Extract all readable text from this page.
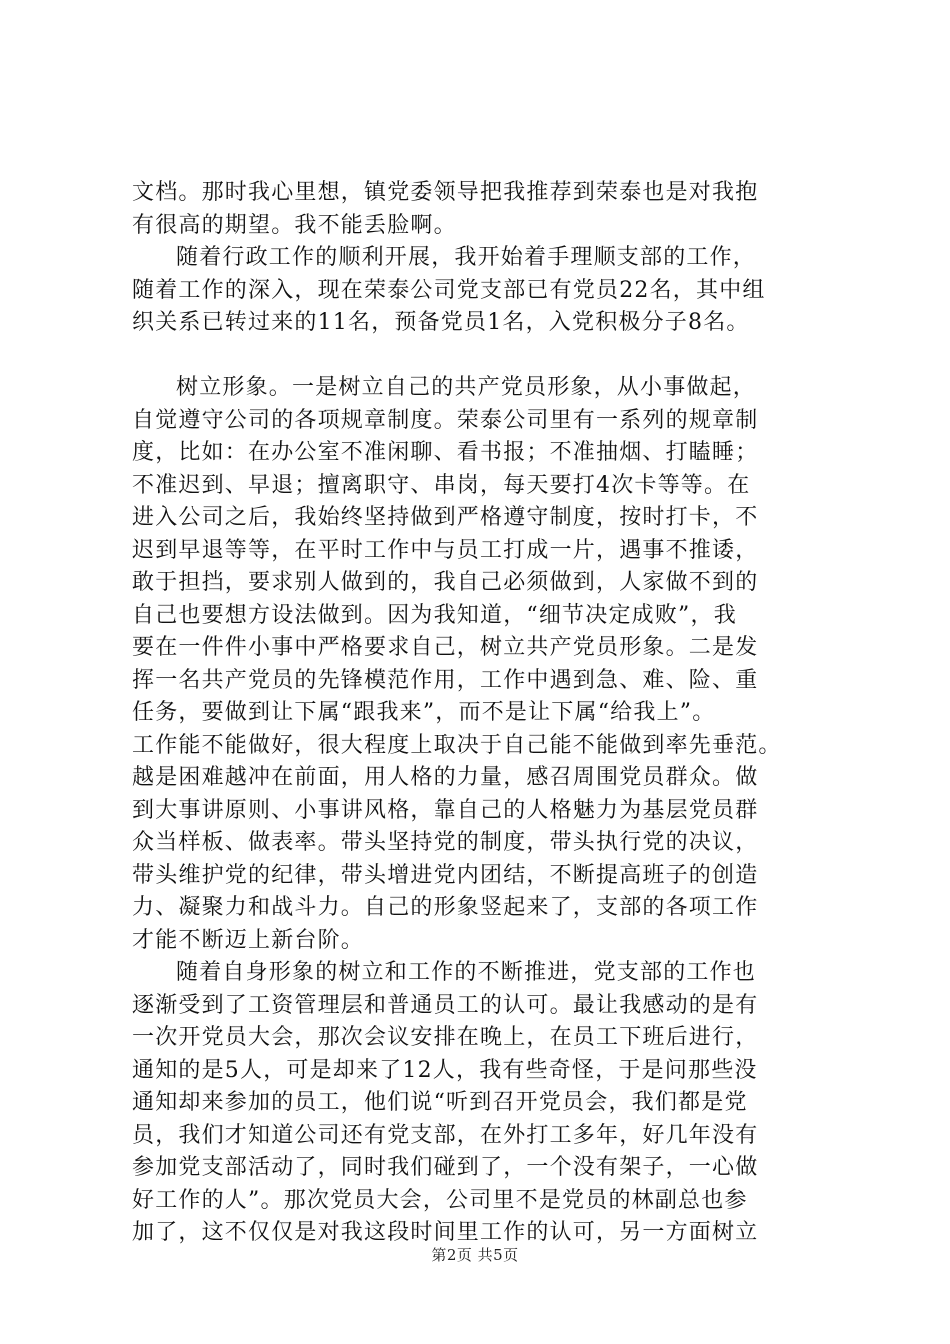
文档。那时我心里想，镇党委领导把我推荐到荣泰也是对我抱
有很高的期望。我不能丢脸啊。
随着行政工作的顺利开展，我开始着手理顺支部的工作，
随着工作的深入，现在荣泰公司党支部已有党员22名，其中组
织关系已转过来的11名，预备党员1名，入党积极分子8名。
树立形象。一是树立自己的共产党员形象，从小事做起，
自觉遵守公司的各项规章制度。荣泰公司里有一系列的规章制
度，比如：在办公室不准闲聊、看书报；不准抽烟、打瞌睡；
不准迟到、早退；擅离职守、串岗，每天要打4次卡等等。在
进入公司之后，我始终坚持做到严格遵守制度，按时打卡，不
迟到早退等等，在平时工作中与员工打成一片，遇事不推诿，
敢于担挡，要求别人做到的，我自己必须做到，人家做不到的
自己也要想方设法做到。因为我知道，“细节决定成败”，我
要在一件件小事中严格要求自己，树立共产党员形象。二是发
挥一名共产党员的先锋模范作用，工作中遇到急、难、险、重
任务，要做到让下属“跟我来”，而不是让下属“给我上”。
工作能不能做好，很大程度上取决于自己能不能做到率先垂范。
越是困难越冲在前面，用人格的力量，感召周围党员群众。做
到大事讲原则、小事讲风格，靠自己的人格魅力为基层党员群
众当样板、做表率。带头坚持党的制度，带头执行党的决议，
带头维护党的纪律，带头增进党内团结，不断提高班子的创造
力、凝聚力和战斗力。自己的形象竖起来了，支部的各项工作
才能不断迈上新台阶。
随着自身形象的树立和工作的不断推进，党支部的工作也
逐渐受到了工资管理层和普通员工的认可。最让我感动的是有
一次开党员大会，那次会议安排在晚上，在员工下班后进行，
通知的是5人，可是却来了12人，我有些奇怪，于是问那些没
通知却来参加的员工，他们说“听到召开党员会，我们都是党
员，我们才知道公司还有党支部，在外打工多年，好几年没有
参加党支部活动了，同时我们碰到了，一个没有架子，一心做
好工作的人”。那次党员大会，公司里不是党员的林副总也参
加了，这不仅仅是对我这段时间里工作的认可，另一方面树立
第2页 共5页
